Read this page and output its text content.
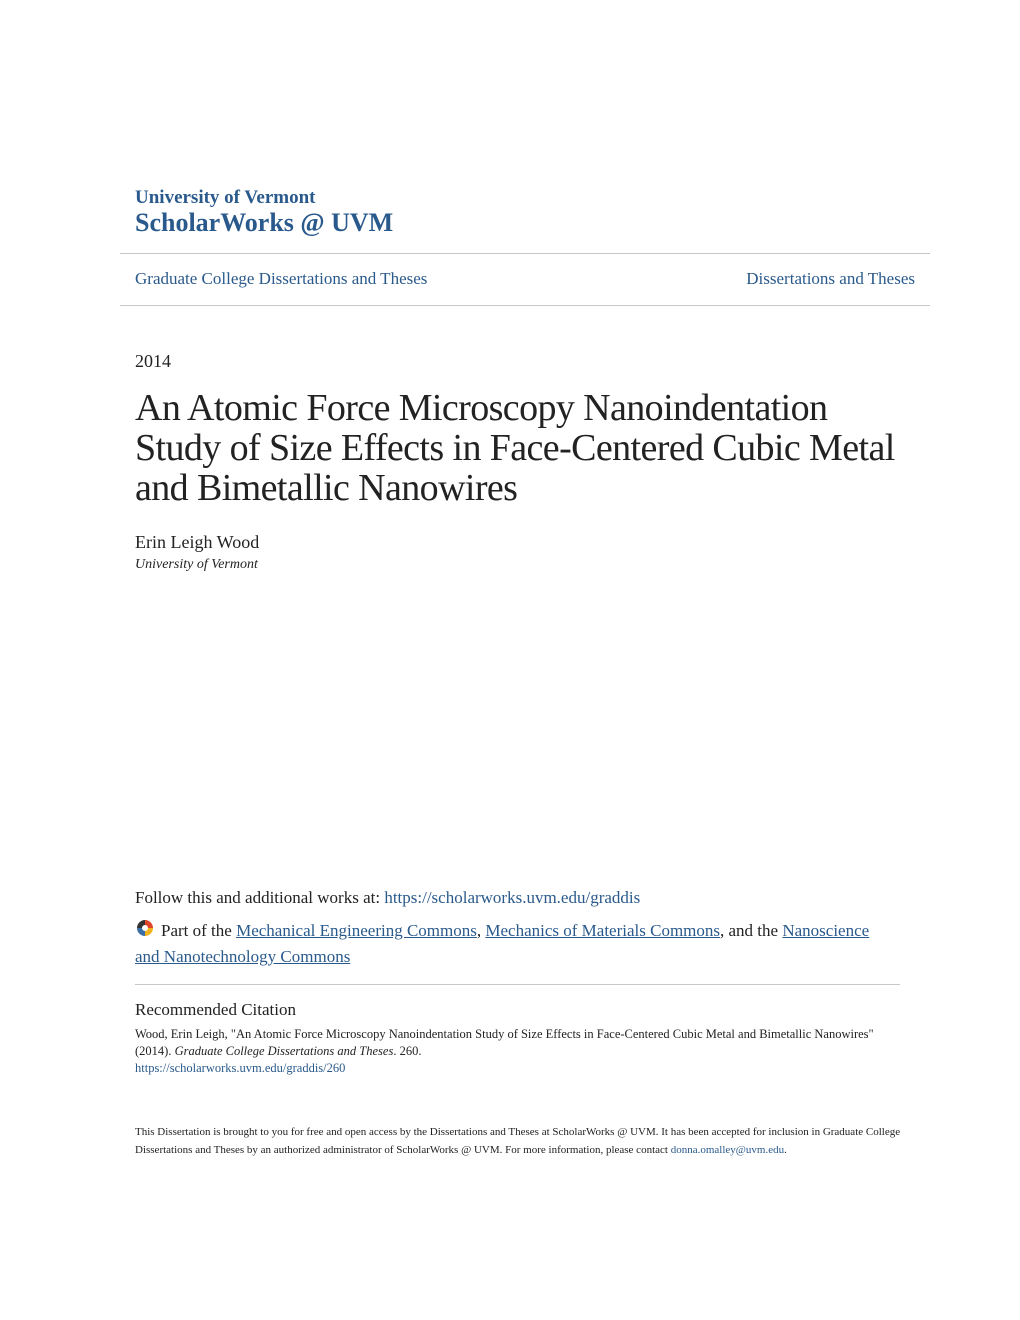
University of Vermont
ScholarWorks @ UVM
Graduate College Dissertations and Theses	Dissertations and Theses
2014
An Atomic Force Microscopy Nanoindentation
Study of Size Effects in Face-Centered Cubic Metal
and Bimetallic Nanowires
Erin Leigh Wood
University of Vermont
Follow this and additional works at: https://scholarworks.uvm.edu/graddis
Part of the Mechanical Engineering Commons, Mechanics of Materials Commons, and the Nanoscience and Nanotechnology Commons
Recommended Citation

Wood, Erin Leigh, "An Atomic Force Microscopy Nanoindentation Study of Size Effects in Face-Centered Cubic Metal and Bimetallic Nanowires" (2014). Graduate College Dissertations and Theses. 260.
https://scholarworks.uvm.edu/graddis/260

This Dissertation is brought to you for free and open access by the Dissertations and Theses at ScholarWorks @ UVM. It has been accepted for inclusion in Graduate College Dissertations and Theses by an authorized administrator of ScholarWorks @ UVM. For more information, please contact donna.omalley@uvm.edu.
